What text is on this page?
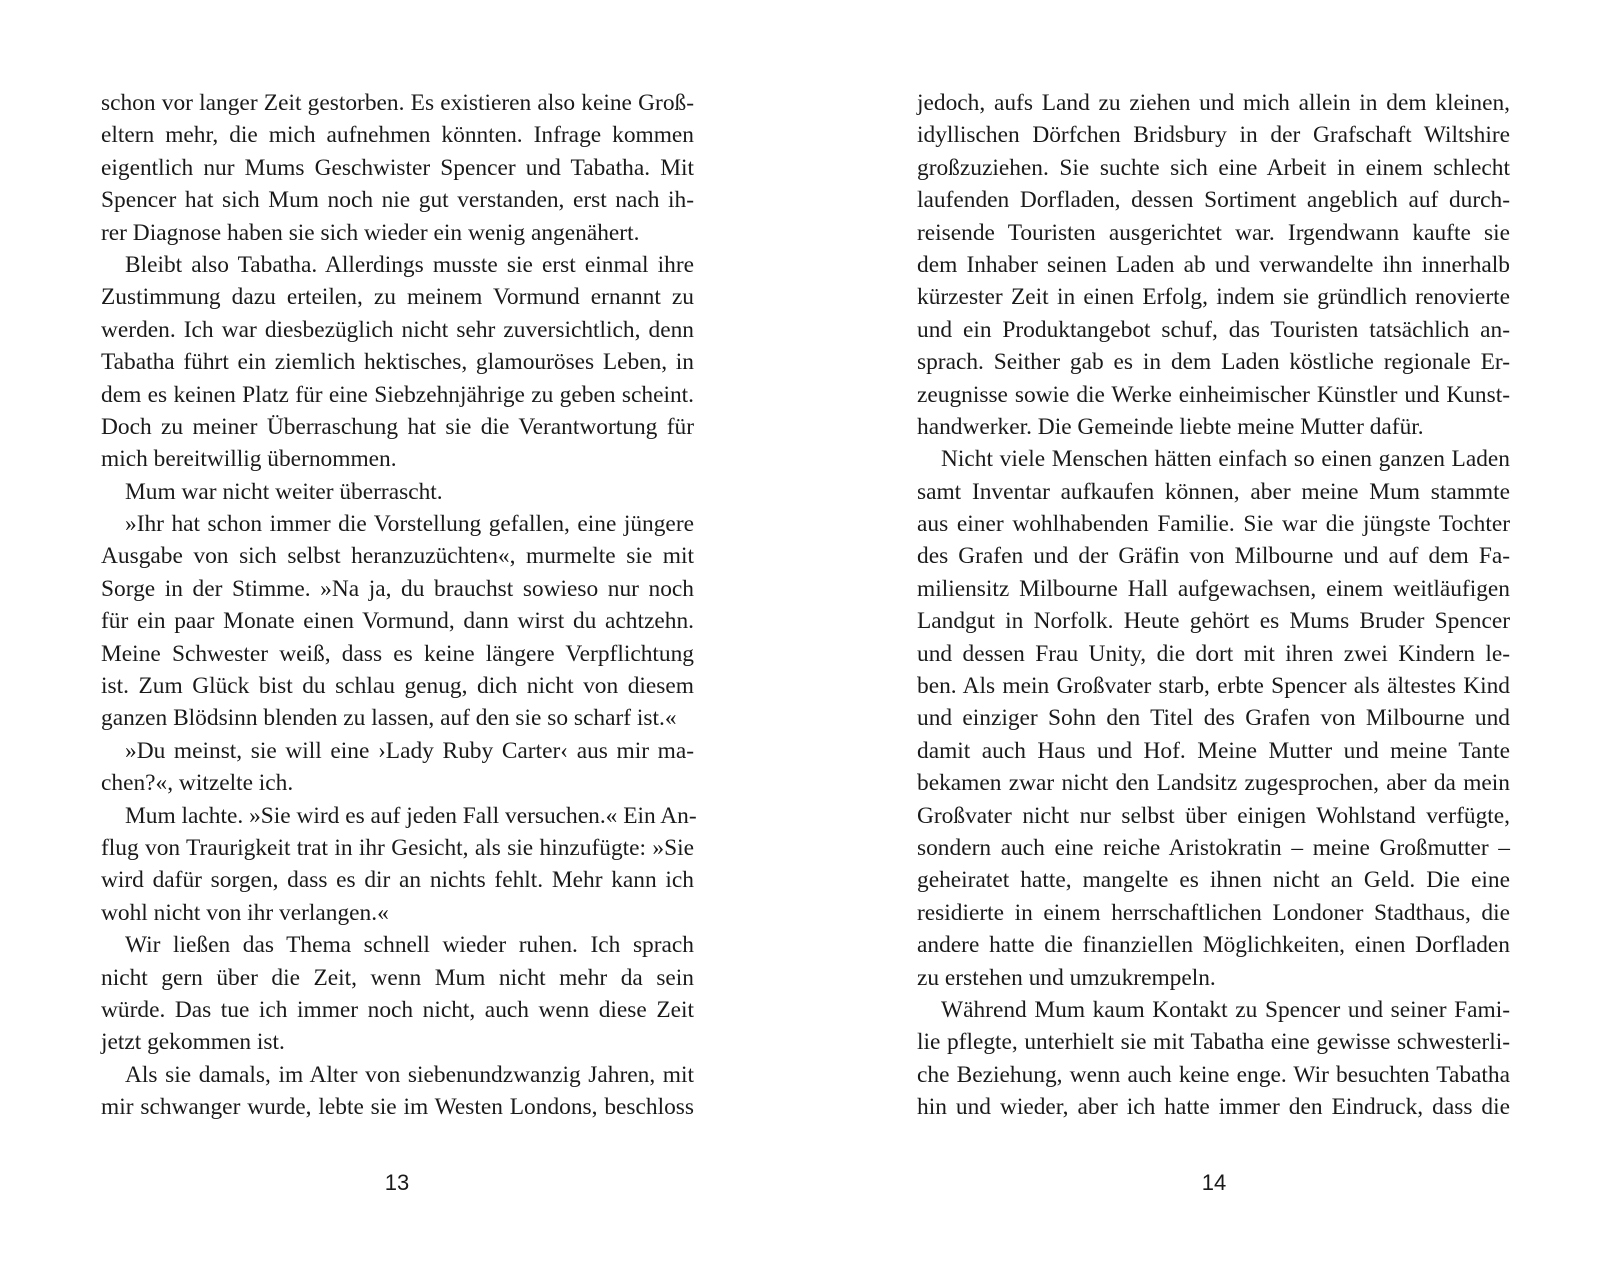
schon vor langer Zeit gestorben. Es existieren also keine Groß-
eltern mehr, die mich aufnehmen könnten. Infrage kommen
eigentlich nur Mums Geschwister Spencer und Tabatha. Mit
Spencer hat sich Mum noch nie gut verstanden, erst nach ih-
rer Diagnose haben sie sich wieder ein wenig angenähert.
Bleibt also Tabatha. Allerdings musste sie erst einmal ihre
Zustimmung dazu erteilen, zu meinem Vormund ernannt zu
werden. Ich war diesbezüglich nicht sehr zuversichtlich, denn
Tabatha führt ein ziemlich hektisches, glamouröses Leben, in
dem es keinen Platz für eine Siebzehnjährige zu geben scheint.
Doch zu meiner Überraschung hat sie die Verantwortung für
mich bereitwillig übernommen.
Mum war nicht weiter überrascht.
»Ihr hat schon immer die Vorstellung gefallen, eine jüngere
Ausgabe von sich selbst heranzuzüchten«, murmelte sie mit
Sorge in der Stimme. »Na ja, du brauchst sowieso nur noch
für ein paar Monate einen Vormund, dann wirst du achtzehn.
Meine Schwester weiß, dass es keine längere Verpflichtung
ist. Zum Glück bist du schlau genug, dich nicht von diesem
ganzen Blödsinn blenden zu lassen, auf den sie so scharf ist.«
»Du meinst, sie will eine ›Lady Ruby Carter‹ aus mir ma-
chen?«, witzelte ich.
Mum lachte. »Sie wird es auf jeden Fall versuchen.« Ein An-
flug von Traurigkeit trat in ihr Gesicht, als sie hinzufügte: »Sie
wird dafür sorgen, dass es dir an nichts fehlt. Mehr kann ich
wohl nicht von ihr verlangen.«
Wir ließen das Thema schnell wieder ruhen. Ich sprach
nicht gern über die Zeit, wenn Mum nicht mehr da sein
würde. Das tue ich immer noch nicht, auch wenn diese Zeit
jetzt gekommen ist.
Als sie damals, im Alter von siebenundzwanzig Jahren, mit
mir schwanger wurde, lebte sie im Westen Londons, beschloss
13
jedoch, aufs Land zu ziehen und mich allein in dem kleinen,
idyllischen Dörfchen Bridsbury in der Grafschaft Wiltshire
großzuziehen. Sie suchte sich eine Arbeit in einem schlecht
laufenden Dorfladen, dessen Sortiment angeblich auf durch-
reisende Touristen ausgerichtet war. Irgendwann kaufte sie
dem Inhaber seinen Laden ab und verwandelte ihn innerhalb
kürzester Zeit in einen Erfolg, indem sie gründlich renovierte
und ein Produktangebot schuf, das Touristen tatsächlich an-
sprach. Seither gab es in dem Laden köstliche regionale Er-
zeugnisse sowie die Werke einheimischer Künstler und Kunst-
handwerker. Die Gemeinde liebte meine Mutter dafür.
Nicht viele Menschen hätten einfach so einen ganzen Laden
samt Inventar aufkaufen können, aber meine Mum stammte
aus einer wohlhabenden Familie. Sie war die jüngste Tochter
des Grafen und der Gräfin von Milbourne und auf dem Fa-
miliensitz Milbourne Hall aufgewachsen, einem weitläufigen
Landgut in Norfolk. Heute gehört es Mums Bruder Spencer
und dessen Frau Unity, die dort mit ihren zwei Kindern le-
ben. Als mein Großvater starb, erbte Spencer als ältestes Kind
und einziger Sohn den Titel des Grafen von Milbourne und
damit auch Haus und Hof. Meine Mutter und meine Tante
bekamen zwar nicht den Landsitz zugesprochen, aber da mein
Großvater nicht nur selbst über einigen Wohlstand verfügte,
sondern auch eine reiche Aristokratin – meine Großmutter –
geheiratet hatte, mangelte es ihnen nicht an Geld. Die eine
residierte in einem herrschaftlichen Londoner Stadthaus, die
andere hatte die finanziellen Möglichkeiten, einen Dorfladen
zu erstehen und umzukrempeln.
Während Mum kaum Kontakt zu Spencer und seiner Fami-
lie pflegte, unterhielt sie mit Tabatha eine gewisse schwesterli-
che Beziehung, wenn auch keine enge. Wir besuchten Tabatha
hin und wieder, aber ich hatte immer den Eindruck, dass die
14
